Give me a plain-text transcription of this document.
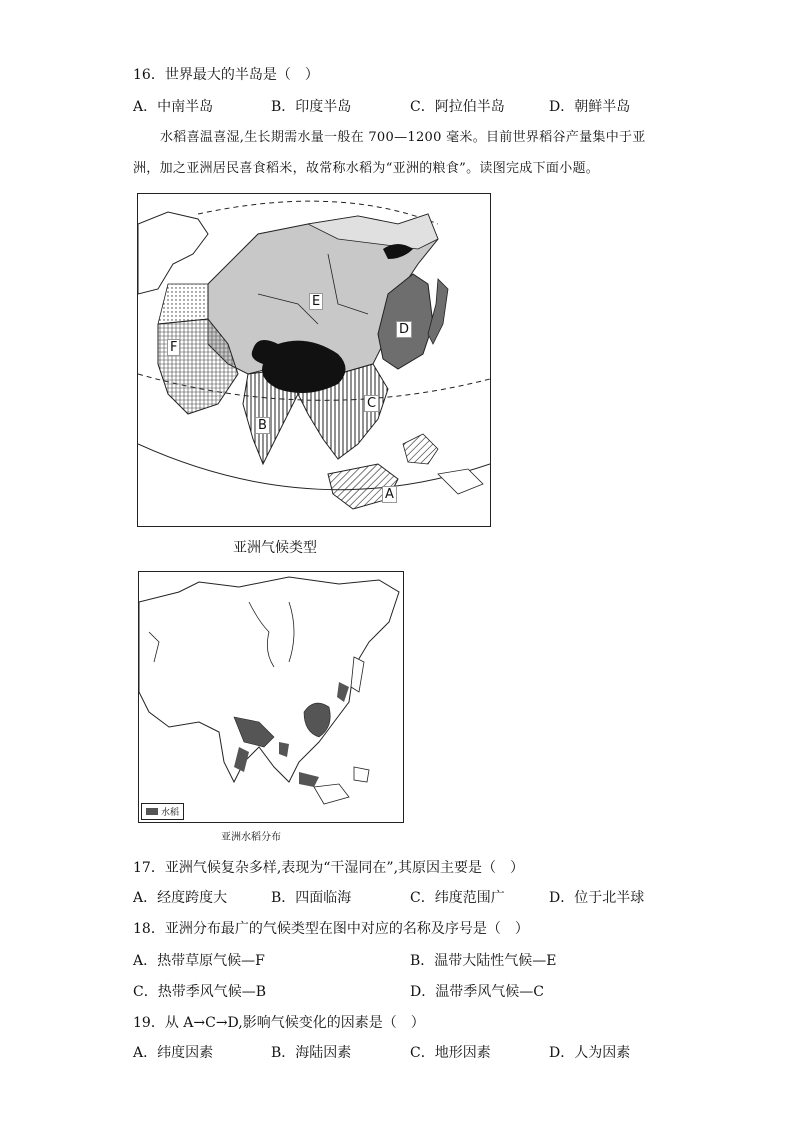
16．世界最大的半岛是（　）
A．中南半岛	B．印度半岛	C．阿拉伯半岛	D．朝鲜半岛
水稻喜温喜湿,生长期需水量一般在 700—1200 毫米。目前世界稻谷产量集中于亚
洲，加之亚洲居民喜食稻米，故常称水稻为“亚洲的粮食”。读图完成下面小题。
E
D
F
C
B
A
亚洲气候类型
水稻
亚洲水稻分布
17．亚洲气候复杂多样,表现为“干湿同在”,其原因主要是（　）
A．经度跨度大	B．四面临海	C．纬度范围广	D．位于北半球
18．亚洲分布最广的气候类型在图中对应的名称及序号是（　）
A．热带草原气候—F	B．温带大陆性气候—E
C．热带季风气候—B	D．温带季风气候—C
19．从 A→C→D,影响气候变化的因素是（　）
A．纬度因素	B．海陆因素	C．地形因素	D．人为因素
